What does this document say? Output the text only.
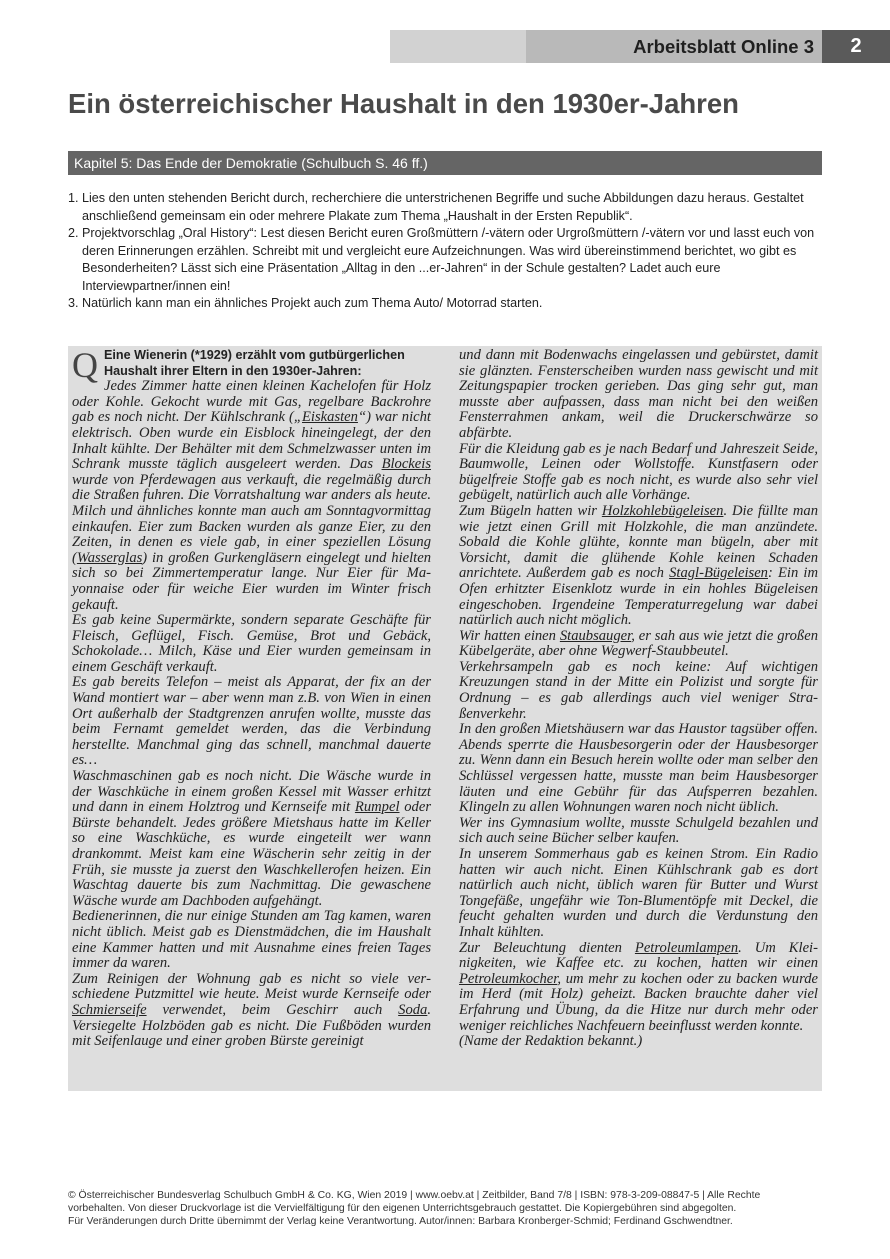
Arbeitsblatt Online 3	2
Ein österreichischer Haushalt in den 1930er-Jahren
Kapitel 5: Das Ende der Demokratie (Schulbuch S. 46 ff.)
1. Lies den unten stehenden Bericht durch, recherchiere die unterstrichenen Begriffe und suche Abbildungen dazu heraus. Gestaltet anschließend gemeinsam ein oder mehrere Plakate zum Thema „Haushalt in der Ersten Republik“.
2. Projektvorschlag „Oral History“: Lest diesen Bericht euren Großmüttern /-vätern oder Urgroßmüttern /-vätern vor und lasst euch von deren Erinnerungen erzählen. Schreibt mit und vergleicht eure Aufzeichnungen. Was wird übereinstimmend berichtet, wo gibt es Besonderheiten? Lässt sich eine Präsentation „Alltag in den ...er-Jahren“ in der Schule gestalten? Ladet auch eure Interviewpartner/innen ein!
3. Natürlich kann man ein ähnliches Projekt auch zum Thema Auto/ Motorrad starten.
Q Eine Wienerin (*1929) erzählt vom gutbürgerlichen Haushalt ihrer Eltern in den 1930er-Jahren:

Jedes Zimmer hatte einen kleinen Kachelofen für Holz oder Kohle. Gekocht wurde mit Gas, regelbare Backrohre gab es noch nicht. Der Kühlschrank („Eiskasten“) war nicht elektrisch. Oben wurde ein Eisblock hineingelegt, der den Inhalt kühlte. Der Behälter mit dem Schmelzwasser unten im Schrank musste täglich ausgeleert werden. Das Blockeis wurde von Pferdewagen aus verkauft, die regelmäßig durch die Straßen fuhren. Die Vorratshaltung war anders als heute. Milch und ähnliches konnte man auch am Sonntagvormittag einkaufen. Eier zum Backen wurden als ganze Eier, zu den Zeiten, in denen es viele gab, in einer speziellen Lösung (Wasserglas) in großen Gurkengläsern eingelegt und hielten sich so bei Zimmertemperatur lange. Nur Eier für Mayonnaise oder für weiche Eier wurden im Winter frisch gekauft.

Es gab keine Supermärkte, sondern separate Geschäfte für Fleisch, Geflügel, Fisch. Gemüse, Brot und Gebäck, Schokolade… Milch, Käse und Eier wurden gemeinsam in einem Geschäft verkauft.

Es gab bereits Telefon – meist als Apparat, der fix an der Wand montiert war – aber wenn man z.B. von Wien in einen Ort außerhalb der Stadtgrenzen anrufen wollte, musste das beim Fernamt gemeldet werden, das die Verbindung herstellte. Manchmal ging das schnell, manchmal dauerte es…

Waschmaschinen gab es noch nicht. Die Wäsche wurde in der Waschküche in einem großen Kessel mit Wasser erhitzt und dann in einem Holztrog und Kernseife mit Rumpel oder Bürste behandelt. Jedes größere Mietshaus hatte im Keller so eine Waschküche, es wurde eingeteilt wer wann drankommt. Meist kam eine Wäscherin sehr zeitig in der Früh, sie musste ja zuerst den Waschkellerofen heizen. Ein Waschtag dauerte bis zum Nachmittag. Die gewaschene Wäsche wurde am Dachboden aufgehängt.

Bedienerinnen, die nur einige Stunden am Tag kamen, waren nicht üblich. Meist gab es Dienstmädchen, die im Haushalt eine Kammer hatten und mit Ausnahme eines freien Tages immer da waren.

Zum Reinigen der Wohnung gab es nicht so viele verschiedene Putzmittel wie heute. Meist wurde Kernseife oder Schmierseife verwendet, beim Geschirr auch Soda. Versiegelte Holzböden gab es nicht. Die Fußböden wurden mit Seifenlauge und einer groben Bürste gereinigt

und dann mit Bodenwachs eingelassen und gebürstet, damit sie glänzten. Fensterscheiben wurden nass gewischt und mit Zeitungspapier trocken gerieben. Das ging sehr gut, man musste aber aufpassen, dass man nicht bei den weißen Fensterrahmen ankam, weil die Druckerschwärze so abfärbte.

Für die Kleidung gab es je nach Bedarf und Jahreszeit Seide, Baumwolle, Leinen oder Wollstoffe. Kunstfasern oder bügelfreie Stoffe gab es noch nicht, es wurde also sehr viel gebügelt, natürlich auch alle Vorhänge.

Zum Bügeln hatten wir Holzkohlebügeleisen. Die füllte man wie jetzt einen Grill mit Holzkohle, die man anzündete. Sobald die Kohle glühte, konnte man bügeln, aber mit Vorsicht, damit die glühende Kohle keinen Schaden anrichtete. Außerdem gab es noch Stagl-Bügeleisen: Ein im Ofen erhitzter Eisenklotz wurde in ein hohles Bügeleisen eingeschoben. Irgendeine Temperaturregelung war dabei natürlich auch nicht möglich.

Wir hatten einen Staubsauger, er sah aus wie jetzt die großen Kübelgeräte, aber ohne Wegwerf-Staubbeutel.

Verkehrsampeln gab es noch keine: Auf wichtigen Kreuzungen stand in der Mitte ein Polizist und sorgte für Ordnung – es gab allerdings auch viel weniger Straßenverkehr.

In den großen Mietshäusern war das Haustor tagsüber offen. Abends sperrte die Hausbesorgerin oder der Hausbesorger zu. Wenn dann ein Besuch herein wollte oder man selber den Schlüssel vergessen hatte, musste man beim Hausbesorger läuten und eine Gebühr für das Aufsperren bezahlen. Klingeln zu allen Wohnungen waren noch nicht üblich.

Wer ins Gymnasium wollte, musste Schulgeld bezahlen und sich auch seine Bücher selber kaufen.

In unserem Sommerhaus gab es keinen Strom. Ein Radio hatten wir auch nicht. Einen Kühlschrank gab es dort natürlich auch nicht, üblich waren für Butter und Wurst Tongefäße, ungefähr wie Ton-Blumentöpfe mit Deckel, die feucht gehalten wurden und durch die Verdunstung den Inhalt kühlten.

Zur Beleuchtung dienten Petroleumlampen. Um Kleinigkeiten, wie Kaffee etc. zu kochen, hatten wir einen Petroleumkocher, um mehr zu kochen oder zu backen wurde im Herd (mit Holz) geheizt. Backen brauchte daher viel Erfahrung und Übung, da die Hitze nur durch mehr oder weniger reichliches Nachfeuern beeinflusst werden konnte.

(Name der Redaktion bekannt.)

© Österreichischer Bundesverlag Schulbuch GmbH & Co. KG, Wien 2019 | www.oebv.at | Zeitbilder, Band 7/8 | ISBN: 978-3-209-08847-5 | Alle Rechte
vorbehalten. Von dieser Druckvorlage ist die Vervielfältigung für den eigenen Unterrichtsgebrauch gestattet. Die Kopiergebühren sind abgegolten.
Für Veränderungen durch Dritte übernimmt der Verlag keine Verantwortung. Autor/innen: Barbara Kronberger-Schmid; Ferdinand Gschwendtner.
